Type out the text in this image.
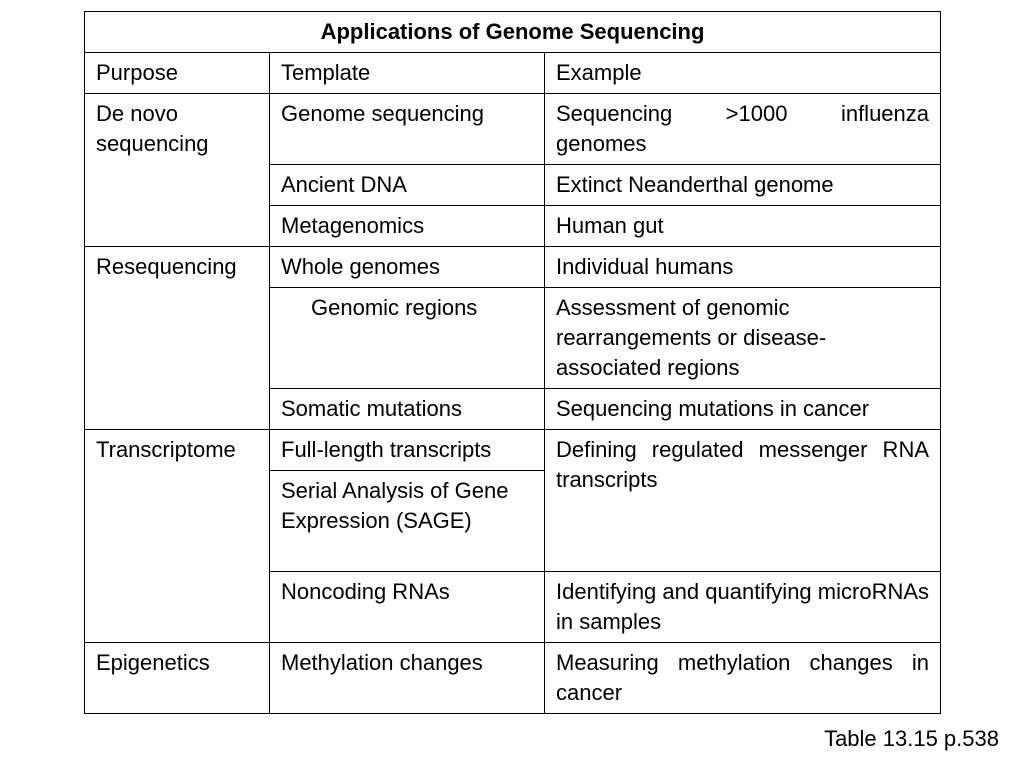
Applications of Genome Sequencing		
Purpose	Template	Example
De novo sequencing	Genome sequencing	Sequencing >1000 influenza genomes
	Ancient DNA	Extinct Neanderthal genome
	Metagenomics	Human gut
Resequencing	Whole genomes	Individual humans
	Genomic regions	Assessment of genomic rearrangements or disease-associated regions
	Somatic mutations	Sequencing mutations in cancer
Transcriptome	Full-length transcripts	Defining regulated messenger RNA transcripts
	Serial Analysis of Gene Expression (SAGE)	
	Noncoding RNAs	Identifying and quantifying microRNAs in samples
Epigenetics	Methylation changes	Measuring methylation changes in cancer
Table 13.15 p.538
